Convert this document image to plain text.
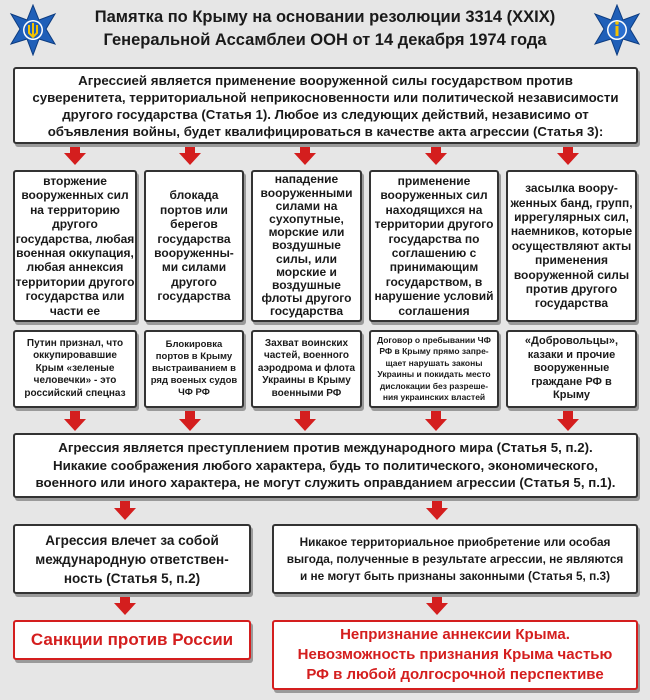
Памятка по Крыму на основании резолюции 3314 (XXIX)
Генеральной Ассамблеи ООН от 14 декабря 1974 года
Агрессией является применение вооруженной силы государством против
суверенитета, территориальной неприкосновенности или политической независимости
другого государства (Статья 1). Любое из следующих действий, независимо от
объявления войны, будет квалифицироваться в качестве акта агрессии (Статья 3):
вторжение
вооруженных сил
на территорию
другого
государства, любая
военная оккупация,
любая аннексия
территории другого
государства или
части ее
блокада
портов или
берегов
государства
вооруженны-
ми силами
другого
государства
нападение
вооруженными
силами на
сухопутные,
морские или
воздушные
силы, или
морские и
воздушные
флоты другого
государства
применение
вооруженных сил
находящихся на
территории другого
государства по
соглашению с
принимающим
государством, в
нарушение условий
соглашения
засылка воору-
женных банд, групп,
иррегулярных сил,
наемников, которые
осуществляют акты
применения
вооруженной силы
против другого
государства
Путин признал, что
оккупировавшие
Крым «зеленые
человечки» - это
российский спецназ
Блокировка
портов в Крыму
выстраиванием в
ряд военых судов
ЧФ РФ
Захват воинских
частей, военного
аэродрома и флота
Украины в Крыму
военными РФ
Договор о пребывании ЧФ
РФ в Крыму прямо запре-
щает нарушать законы
Украины и покидать место
дислокации без разреше-
ния украинских властей
«Добровольцы»,
казаки и прочие
вооруженные
граждане РФ в
Крыму
Агрессия является преступлением против международного мира (Статья 5, п.2).
Никакие соображения любого характера, будь то политического, экономического,
военного или иного характера, не могут служить оправданием агрессии (Статья 5, п.1).
Агрессия влечет за собой
международную ответствен-
ность (Статья 5, п.2)
Никакое территориальное приобретение или особая
выгода, полученные в результате агрессии, не являются
и не могут быть признаны законными (Статья 5, п.3)
Санкции против России	Непризнание аннексии Крыма.
Невозможность признания Крыма частью
РФ в любой долгосрочной перспективе
